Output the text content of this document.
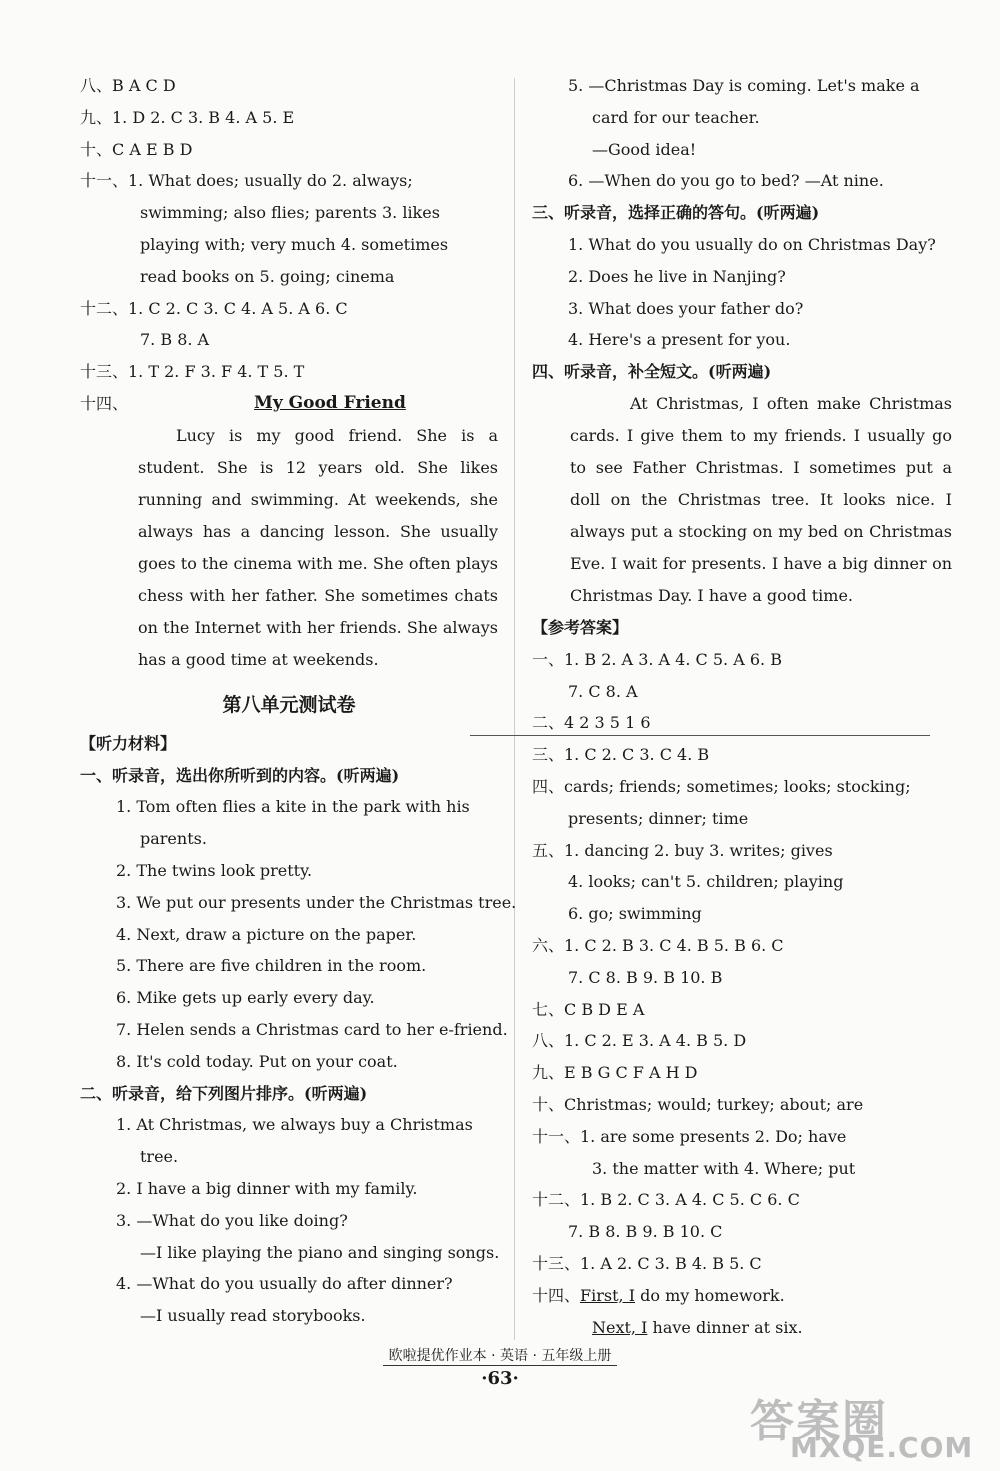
八、B A C D
九、1. D 2. C 3. B 4. A 5. E
十、C A E B D
十一、1. What does; usually do 2. always;
swimming; also flies; parents 3. likes
playing with; very much 4. sometimes
read books on 5. going; cinema
十二、1. C 2. C 3. C 4. A 5. A 6. C
7. B 8. A
十三、1. T 2. F 3. F 4. T 5. T
十四、	My Good Friend
Lucy is my good friend. She is a student. She is 12 years old. She likes running and swimming. At weekends, she always has a dancing lesson. She usually goes to the cinema with me. She often plays chess with her father. She sometimes chats on the Internet with her friends. She always has a good time at weekends.
第八单元测试卷
【听力材料】
一、听录音，选出你所听到的内容。(听两遍)
1. Tom often flies a kite in the park with his
parents.
2. The twins look pretty.
3. We put our presents under the Christmas tree.
4. Next, draw a picture on the paper.
5. There are five children in the room.
6. Mike gets up early every day.
7. Helen sends a Christmas card to her e-friend.
8. It's cold today. Put on your coat.
二、听录音，给下列图片排序。(听两遍)
1. At Christmas, we always buy a Christmas
tree.
2. I have a big dinner with my family.
3. —What do you like doing?
—I like playing the piano and singing songs.
4. —What do you usually do after dinner?
—I usually read storybooks.
5. —Christmas Day is coming. Let's make a
card for our teacher.
—Good idea!
6. —When do you go to bed? —At nine.
三、听录音，选择正确的答句。(听两遍)
1. What do you usually do on Christmas Day?
2. Does he live in Nanjing?
3. What does your father do?
4. Here's a present for you.
四、听录音，补全短文。(听两遍)
At Christmas, I often make Christmas cards. I give them to my friends. I usually go to see Father Christmas. I sometimes put a doll on the Christmas tree. It looks nice. I always put a stocking on my bed on Christmas Eve. I wait for presents. I have a big dinner on Christmas Day. I have a good time.
【参考答案】
一、1. B 2. A 3. A 4. C 5. A 6. B
7. C 8. A
二、4 2 3 5 1 6
三、1. C 2. C 3. C 4. B
四、cards; friends; sometimes; looks; stocking;
presents; dinner; time
五、1. dancing 2. buy 3. writes; gives
4. looks; can't 5. children; playing
6. go; swimming
六、1. C 2. B 3. C 4. B 5. B 6. C
7. C 8. B 9. B 10. B
七、C B D E A
八、1. C 2. E 3. A 4. B 5. D
九、E B G C F A H D
十、Christmas; would; turkey; about; are
十一、1. are some presents 2. Do; have
3. the matter with 4. Where; put
十二、1. B 2. C 3. A 4. C 5. C 6. C
7. B 8. B 9. B 10. C
十三、1. A 2. C 3. B 4. B 5. C
十四、First, I do my homework.
Next, I have dinner at six.
欧啦提优作业本 · 英语 · 五年级上册
·63·
答案圈
MXQE.COM
